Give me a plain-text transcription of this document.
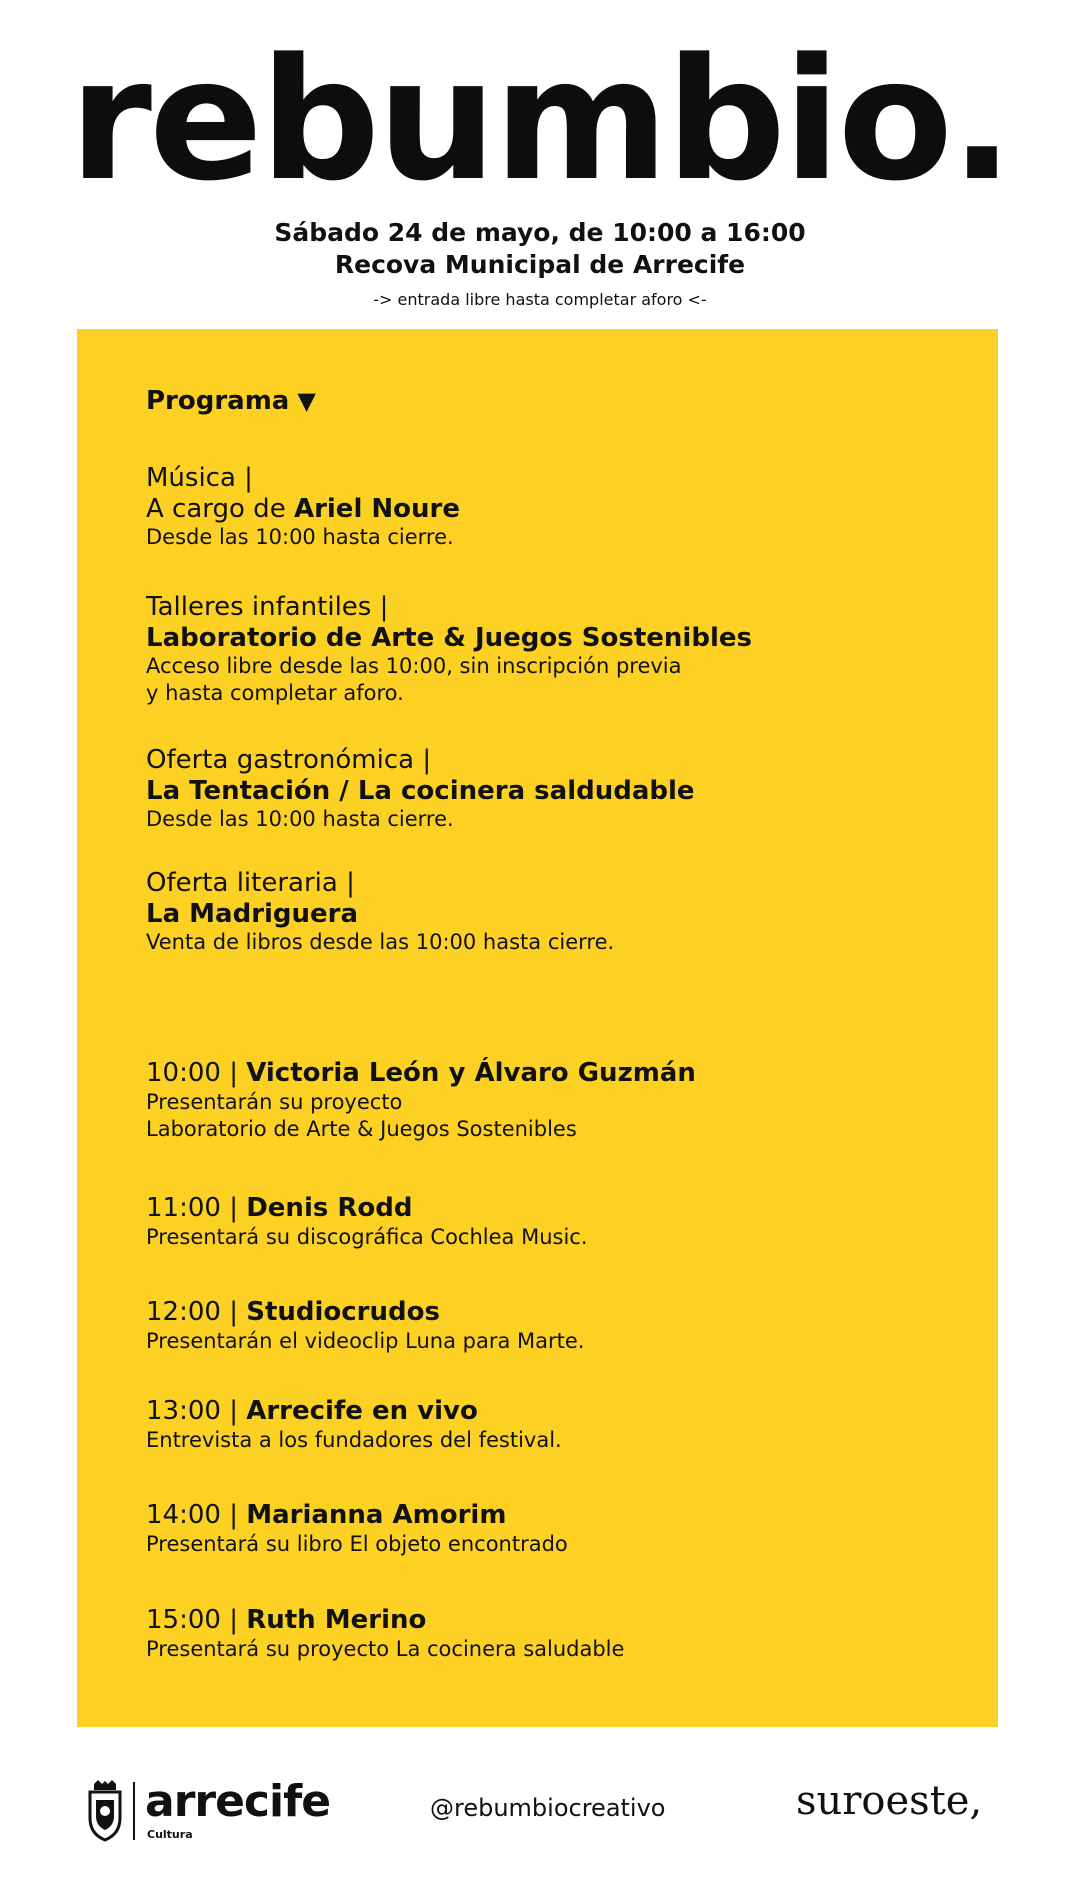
rebumbio.
Sábado 24 de mayo, de 10:00 a 16:00
Recova Municipal de Arrecife
-> entrada libre hasta completar aforo <-
Programa ▼
Música |
A cargo de Ariel Noure
Desde las 10:00 hasta cierre.
Talleres infantiles |
Laboratorio de Arte & Juegos Sostenibles
Acceso libre desde las 10:00, sin inscripción previa
y hasta completar aforo.
Oferta gastronómica |
La Tentación / La cocinera saldudable
Desde las 10:00 hasta cierre.
Oferta literaria |
La Madriguera
Venta de libros desde las 10:00 hasta cierre.
10:00 | Victoria León y Álvaro Guzmán
Presentarán su proyecto
Laboratorio de Arte & Juegos Sostenibles
11:00 | Denis Rodd
Presentará su discográfica Cochlea Music.
12:00 | Studiocrudos
Presentarán el videoclip Luna para Marte.
13:00 | Arrecife en vivo
Entrevista a los fundadores del festival.
14:00 | Marianna Amorim
Presentará su libro El objeto encontrado
15:00 | Ruth Merino
Presentará su proyecto La cocinera saludable
arrecife
Cultura
@rebumbiocreativo	suroeste,
